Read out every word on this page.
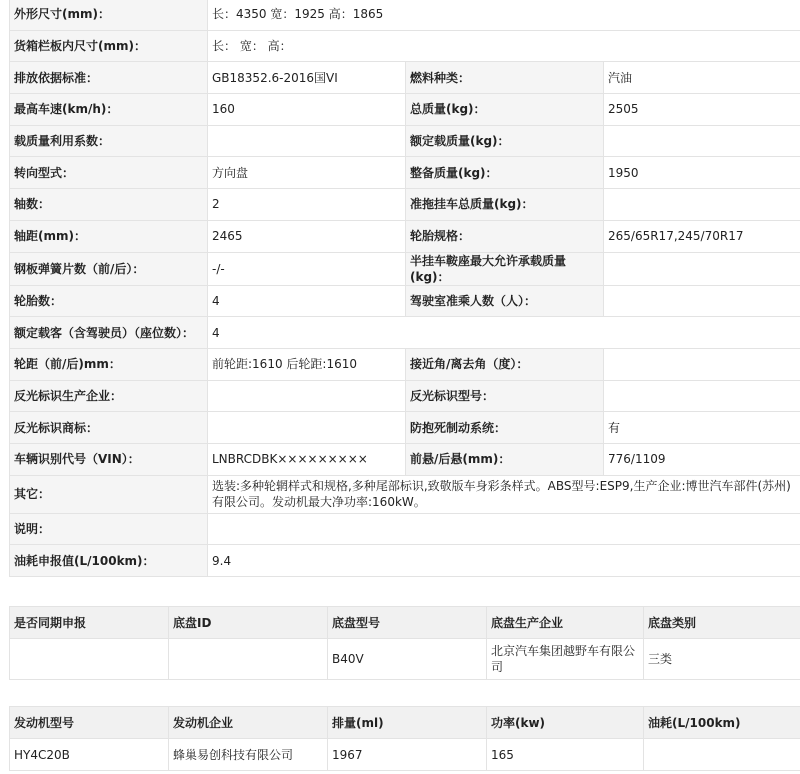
外形尺寸(mm)：	长：4350 宽：1925 高：1865		
货箱栏板内尺寸(mm)：	长： 宽： 高：		
排放依据标准：	GB18352.6-2016国VI	燃料种类：	汽油
最高车速(km/h)：	160	总质量(kg)：	2505
载质量利用系数：		额定载质量(kg)：	
转向型式：	方向盘	整备质量(kg)：	1950
轴数：	2	准拖挂车总质量(kg)：	
轴距(mm)：	2465	轮胎规格：	265/65R17,245/70R17
钢板弹簧片数（前/后）：	-/-	半挂车鞍座最大允许承载质量(kg)：	
轮胎数：	4	驾驶室准乘人数（人）：	
额定载客（含驾驶员）（座位数）：	4		
轮距（前/后)mm：	前轮距:1610 后轮距:1610	接近角/离去角（度）：	
反光标识生产企业：		反光标识型号：	
反光标识商标：		防抱死制动系统：	有
车辆识别代号（VIN）：	LNBRCDBK×××××××××	前悬/后悬(mm)：	776/1109
其它：	选装:多种轮辋样式和规格,多种尾部标识,致敬版车身彩条样式。ABS型号:ESP9,生产企业:博世汽车部件(苏州)有限公司。发动机最大净功率:160kW。		
说明：			
油耗申报值(L/100km)：	9.4		
是否同期申报	底盘ID	底盘型号	底盘生产企业	底盘类别
		B40V	北京汽车集团越野车有限公司	三类
发动机型号	发动机企业	排量(ml)	功率(kw)	油耗(L/100km)
HY4C20B	蜂巢易创科技有限公司	1967	165	
